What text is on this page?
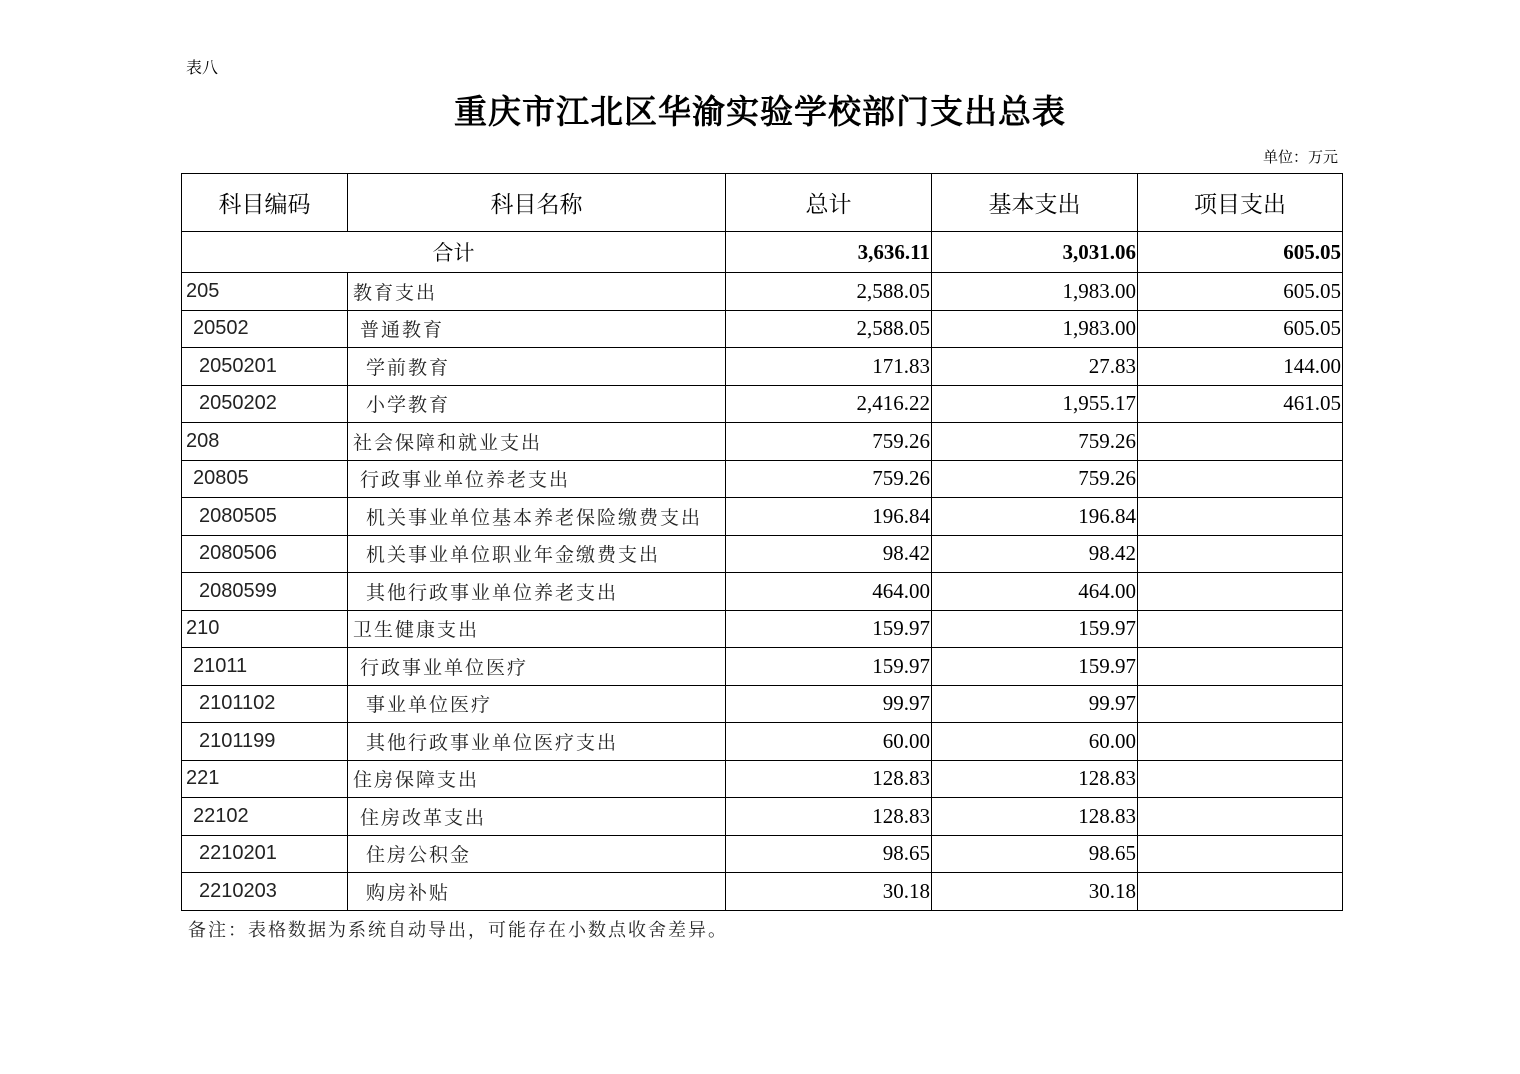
表八
重庆市江北区华渝实验学校部门支出总表
单位：万元
科目编码	科目名称	总计	基本支出	项目支出
合计		3,636.11	3,031.06	605.05
205	教育支出	2,588.05	1,983.00	605.05
20502	普通教育	2,588.05	1,983.00	605.05
2050201	学前教育	171.83	27.83	144.00
2050202	小学教育	2,416.22	1,955.17	461.05
208	社会保障和就业支出	759.26	759.26	
20805	行政事业单位养老支出	759.26	759.26	
2080505	机关事业单位基本养老保险缴费支出	196.84	196.84	
2080506	机关事业单位职业年金缴费支出	98.42	98.42	
2080599	其他行政事业单位养老支出	464.00	464.00	
210	卫生健康支出	159.97	159.97	
21011	行政事业单位医疗	159.97	159.97	
2101102	事业单位医疗	99.97	99.97	
2101199	其他行政事业单位医疗支出	60.00	60.00	
221	住房保障支出	128.83	128.83	
22102	住房改革支出	128.83	128.83	
2210201	住房公积金	98.65	98.65	
2210203	购房补贴	30.18	30.18	
备注：表格数据为系统自动导出，可能存在小数点收舍差异。
